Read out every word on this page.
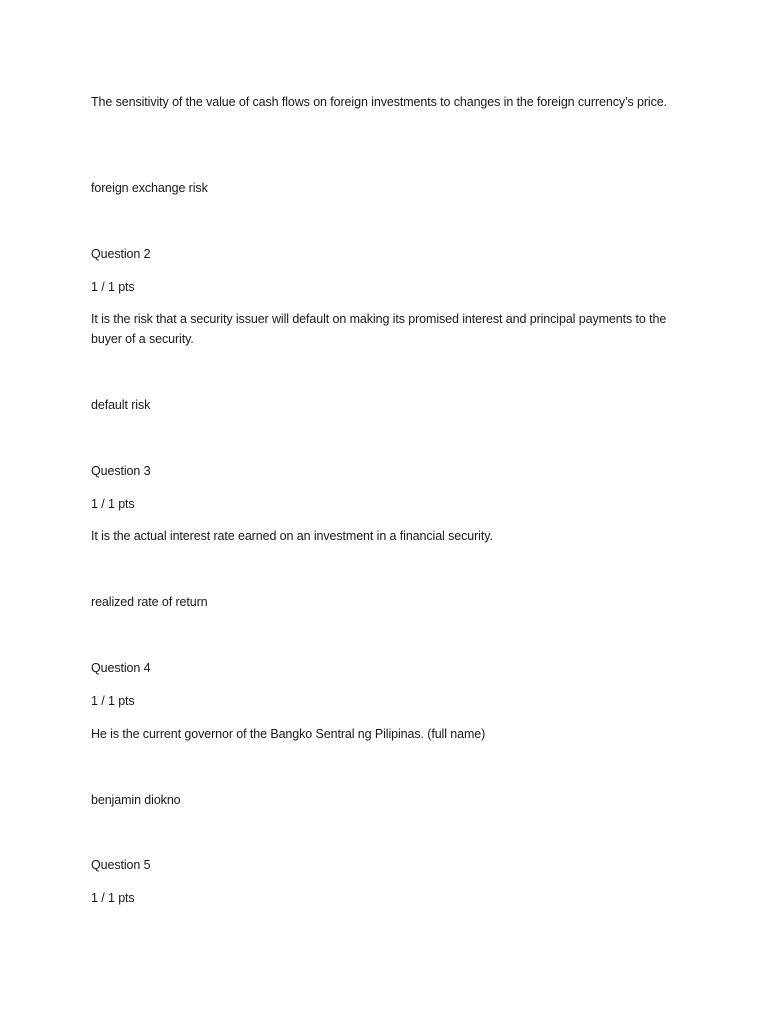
The sensitivity of the value of cash flows on foreign investments to changes in the foreign currency’s price.
foreign exchange risk
Question 2
1 / 1 pts
It is the risk that a security issuer will default on making its promised interest and principal payments to the buyer of a security.
default risk
Question 3
1 / 1 pts
It is the actual interest rate earned on an investment in a financial security.
realized rate of return
Question 4
1 / 1 pts
He is the current governor of the Bangko Sentral ng Pilipinas. (full name)
benjamin diokno
Question 5
1 / 1 pts
